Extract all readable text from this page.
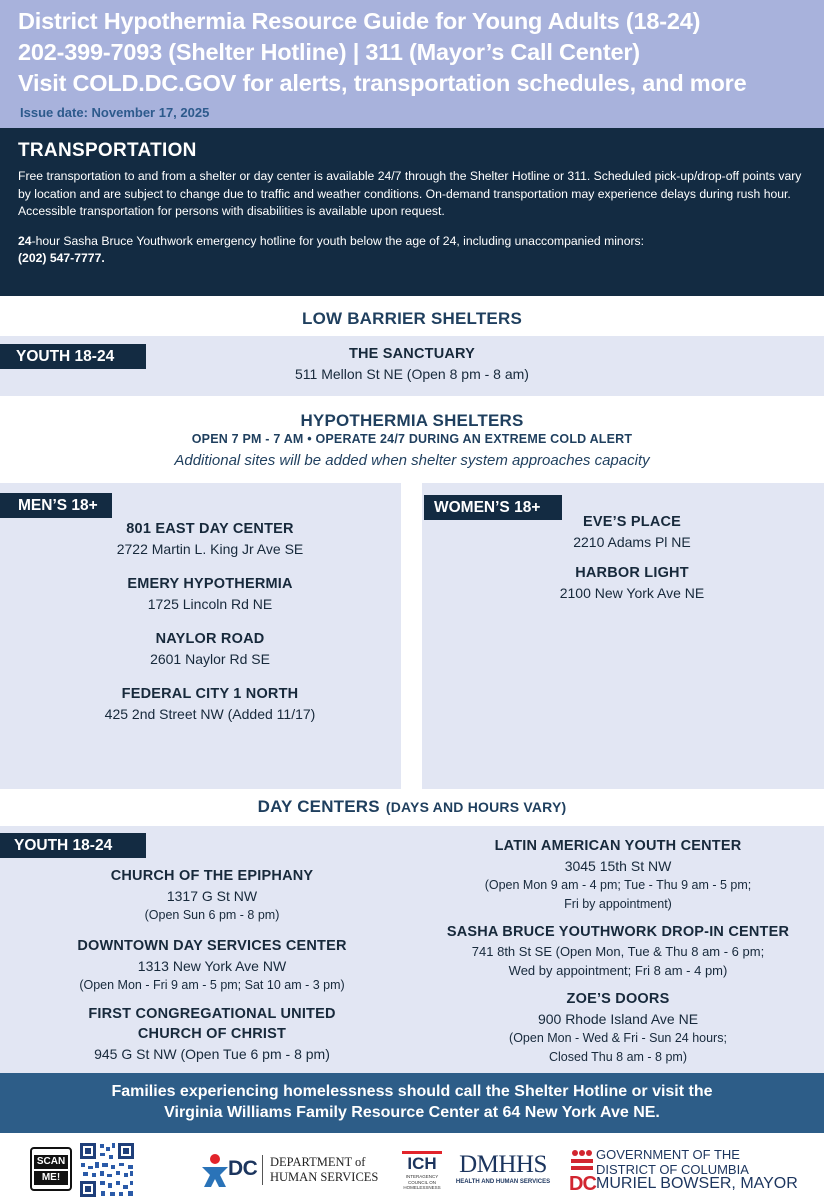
District Hypothermia Resource Guide for Young Adults (18-24)
202-399-7093 (Shelter Hotline) | 311 (Mayor’s Call Center)
Visit COLD.DC.GOV for alerts, transportation schedules, and more
Issue date: November 17, 2025
TRANSPORTATION

Free transportation to and from a shelter or day center is available 24/7 through the Shelter Hotline or 311. Scheduled pick-up/drop-off points vary by location and are subject to change due to traffic and weather conditions. On-demand transportation may experience delays during rush hour. Accessible transportation for persons with disabilities is available upon request.

24-hour Sasha Bruce Youthwork emergency hotline for youth below the age of 24, including unaccompanied minors:
(202) 547-7777.

LOW BARRIER SHELTERS
YOUTH 18-24	THE SANCTUARY
511 Mellon St NE (Open 8 pm - 8 am)
HYPOTHERMIA SHELTERS
OPEN 7 PM - 7 AM • OPERATE 24/7 DURING AN EXTREME COLD ALERT
Additional sites will be added when shelter system approaches capacity
MEN’S 18+	WOMEN’S 18+
801 EAST DAY CENTER
2722 Martin L. King Jr Ave SE
EMERY HYPOTHERMIA
1725 Lincoln Rd NE
NAYLOR ROAD
2601 Naylor Rd SE
FEDERAL CITY 1 NORTH
425 2nd Street NW (Added 11/17)
EVE’S PLACE
2210 Adams Pl NE
HARBOR LIGHT
2100 New York Ave NE
DAY CENTERS (DAYS AND HOURS VARY)
YOUTH 18-24
CHURCH OF THE EPIPHANY
1317 G St NW
(Open Sun 6 pm - 8 pm)
DOWNTOWN DAY SERVICES CENTER
1313 New York Ave NW
(Open Mon - Fri 9 am - 5 pm; Sat 10 am - 3 pm)
FIRST CONGREGATIONAL UNITED
CHURCH OF CHRIST
945 G St NW (Open Tue 6 pm - 8 pm)
LATIN AMERICAN YOUTH CENTER
3045 15th St NW
(Open Mon 9 am - 4 pm; Tue - Thu 9 am - 5 pm;
Fri by appointment)
SASHA BRUCE YOUTHWORK DROP-IN CENTER
741 8th St SE (Open Mon, Tue & Thu 8 am - 6 pm;
Wed by appointment; Fri 8 am - 4 pm)
ZOE’S DOORS
900 Rhode Island Ave NE
(Open Mon - Wed & Fri - Sun 24 hours;
Closed Thu 8 am - 8 pm)
Families experiencing homelessness should call the Shelter Hotline or visit the
Virginia Williams Family Resource Center at 64 New York Ave NE.
SCAN
ME!	DC DEPARTMENT of
HUMAN SERVICES
ICH
INTERAGENCY COUNCIL ON HOMELESSNESS
DMHHS
HEALTH AND HUMAN SERVICES
GOVERNMENT OF THE
DISTRICT OF COLUMBIA
DC MURIEL BOWSER, MAYOR
